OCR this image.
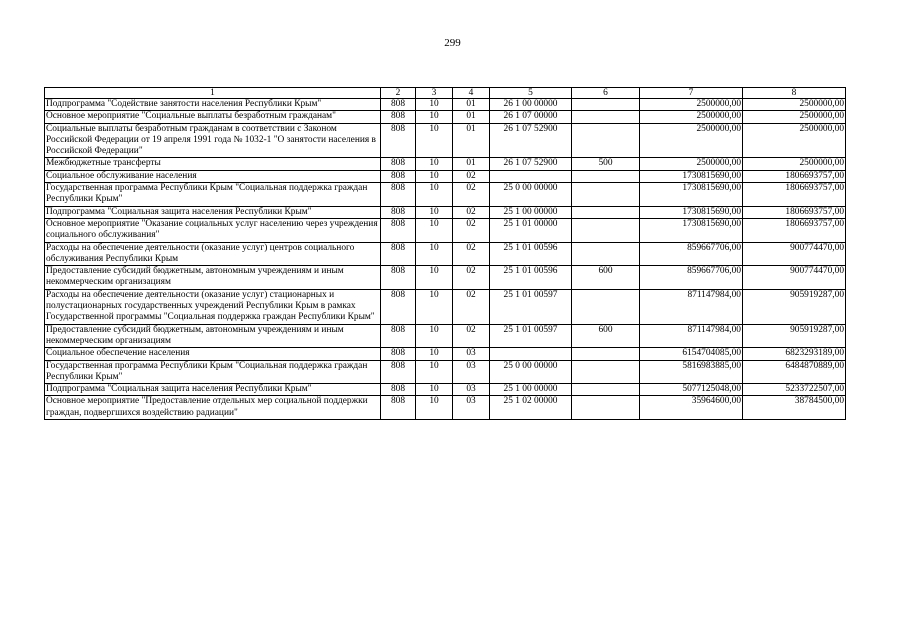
299
1	2	3	4	5	6	7	8
Подпрограмма "Содействие занятости населения Республики Крым"	808	10	01	26 1 00 00000		2500000,00	2500000,00
Основное мероприятие "Социальные выплаты безработным гражданам"	808	10	01	26 1 07 00000		2500000,00	2500000,00
Социальные выплаты безработным гражданам в соответствии с Законом Российской Федерации от 19 апреля 1991 года № 1032-1 "О занятости населения в Российской Федерации"	808	10	01	26 1 07 52900		2500000,00	2500000,00
Межбюджетные трансферты	808	10	01	26 1 07 52900	500	2500000,00	2500000,00
Социальное обслуживание населения	808	10	02			1730815690,00	1806693757,00
Государственная программа Республики Крым "Социальная поддержка граждан Республики Крым"	808	10	02	25 0 00 00000		1730815690,00	1806693757,00
Подпрограмма "Социальная защита населения Республики Крым"	808	10	02	25 1 00 00000		1730815690,00	1806693757,00
Основное мероприятие "Оказание социальных услуг населению через учреждения социального обслуживания"	808	10	02	25 1 01 00000		1730815690,00	1806693757,00
Расходы на обеспечение деятельности (оказание услуг) центров социального обслуживания Республики Крым	808	10	02	25 1 01 00596		859667706,00	900774470,00
Предоставление субсидий бюджетным, автономным учреждениям и иным некоммерческим организациям	808	10	02	25 1 01 00596	600	859667706,00	900774470,00
Расходы на обеспечение деятельности (оказание услуг) стационарных и полустационарных государственных учреждений Республики Крым в рамках Государственной программы "Социальная поддержка граждан Республики Крым"	808	10	02	25 1 01 00597		871147984,00	905919287,00
Предоставление субсидий бюджетным, автономным учреждениям и иным некоммерческим организациям	808	10	02	25 1 01 00597	600	871147984,00	905919287,00
Социальное обеспечение населения	808	10	03			6154704085,00	6823293189,00
Государственная программа Республики Крым "Социальная поддержка граждан Республики Крым"	808	10	03	25 0 00 00000		5816983885,00	6484870889,00
Подпрограмма "Социальная защита населения Республики Крым"	808	10	03	25 1 00 00000		5077125048,00	5233722507,00
Основное мероприятие "Предоставление отдельных мер социальной поддержки граждан, подвергшихся воздействию радиации"	808	10	03	25 1 02 00000		35964600,00	38784500,00
